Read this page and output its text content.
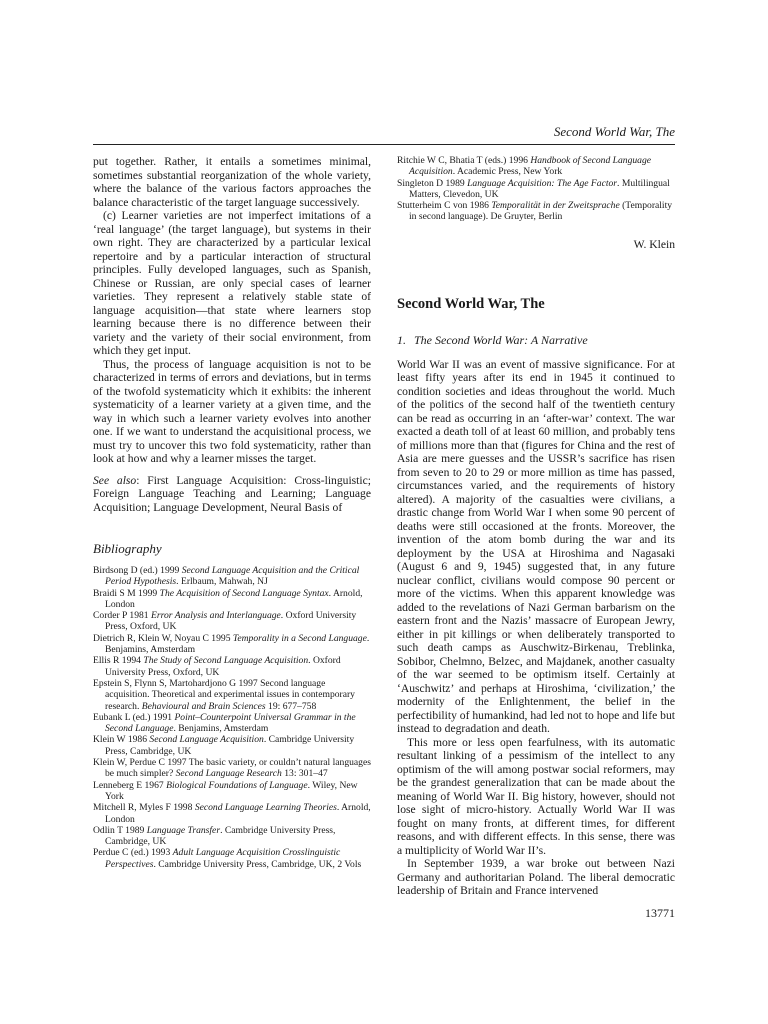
Second World War, The

put together. Rather, it entails a sometimes minimal, sometimes substantial reorganization of the whole variety, where the balance of the various factors approaches the balance characteristic of the target language successively.

(c) Learner varieties are not imperfect imitations of a ‘real language’ (the target language), but systems in their own right. They are characterized by a particular lexical repertoire and by a particular interaction of structural principles. Fully developed languages, such as Spanish, Chinese or Russian, are only special cases of learner varieties. They represent a relatively stable state of language acquisition—that state where learners stop learning because there is no difference between their variety and the variety of their social environment, from which they get input.

Thus, the process of language acquisition is not to be characterized in terms of errors and deviations, but in terms of the twofold systematicity which it exhibits: the inherent systematicity of a learner variety at a given time, and the way in which such a learner variety evolves into another one. If we want to understand the acquisitional process, we must try to uncover this two fold systematicity, rather than look at how and why a learner misses the target.

See also: First Language Acquisition: Cross-linguistic; Foreign Language Teaching and Learning; Language Acquisition; Language Development, Neural Basis of
Bibliography

Birdsong D (ed.) 1999 Second Language Acquisition and the Critical Period Hypothesis. Erlbaum, Mahwah, NJ

Braidi S M 1999 The Acquisition of Second Language Syntax. Arnold, London

Corder P 1981 Error Analysis and Interlanguage. Oxford University Press, Oxford, UK

Dietrich R, Klein W, Noyau C 1995 Temporality in a Second Language. Benjamins, Amsterdam

Ellis R 1994 The Study of Second Language Acquisition. Oxford University Press, Oxford, UK

Epstein S, Flynn S, Martohardjono G 1997 Second language acquisition. Theoretical and experimental issues in contemporary research. Behavioural and Brain Sciences 19: 677–758

Eubank L (ed.) 1991 Point–Counterpoint Universal Grammar in the Second Language. Benjamins, Amsterdam

Klein W 1986 Second Language Acquisition. Cambridge University Press, Cambridge, UK

Klein W, Perdue C 1997 The basic variety, or couldn’t natural languages be much simpler? Second Language Research 13: 301–47

Lenneberg E 1967 Biological Foundations of Language. Wiley, New York

Mitchell R, Myles F 1998 Second Language Learning Theories. Arnold, London

Odlin T 1989 Language Transfer. Cambridge University Press, Cambridge, UK

Perdue C (ed.) 1993 Adult Language Acquisition Crosslinguistic Perspectives. Cambridge University Press, Cambridge, UK, 2 Vols

Ritchie W C, Bhatia T (eds.) 1996 Handbook of Second Language Acquisition. Academic Press, New York

Singleton D 1989 Language Acquisition: The Age Factor. Multilingual Matters, Clevedon, UK

Stutterheim C von 1986 Temporalität in der Zweitsprache (Temporality in second language). De Gruyter, Berlin

W. Klein
Second World War, The
1. The Second World War: A Narrative

World War II was an event of massive significance. For at least fifty years after its end in 1945 it continued to condition societies and ideas throughout the world. Much of the politics of the second half of the twentieth century can be read as occurring in an ‘after-war’ context. The war exacted a death toll of at least 60 million, and probably tens of millions more than that (figures for China and the rest of Asia are mere guesses and the USSR’s sacrifice has risen from seven to 20 to 29 or more million as time has passed, circumstances varied, and the requirements of history altered). A majority of the casualties were civilians, a drastic change from World War I when some 90 percent of deaths were still occasioned at the fronts. Moreover, the invention of the atom bomb during the war and its deployment by the USA at Hiroshima and Nagasaki (August 6 and 9, 1945) suggested that, in any future nuclear conflict, civilians would compose 90 percent or more of the victims. When this apparent knowledge was added to the revelations of Nazi German barbarism on the eastern front and the Nazis’ massacre of European Jewry, either in pit killings or when deliberately transported to such death camps as Auschwitz-Birkenau, Treblinka, Sobibor, Chelmno, Belzec, and Majdanek, another casualty of the war seemed to be optimism itself. Certainly at ‘Auschwitz’ and perhaps at Hiroshima, ‘civilization,’ the modernity of the Enlightenment, the belief in the perfectibility of humankind, had led not to hope and life but instead to degradation and death.

This more or less open fearfulness, with its automatic resultant linking of a pessimism of the intellect to any optimism of the will among postwar social reformers, may be the grandest generalization that can be made about the meaning of World War II. Big history, however, should not lose sight of micro-history. Actually World War II was fought on many fronts, at different times, for different reasons, and with different effects. In this sense, there was a multiplicity of World War II’s.

In September 1939, a war broke out between Nazi Germany and authoritarian Poland. The liberal democratic leadership of Britain and France intervened

13771
